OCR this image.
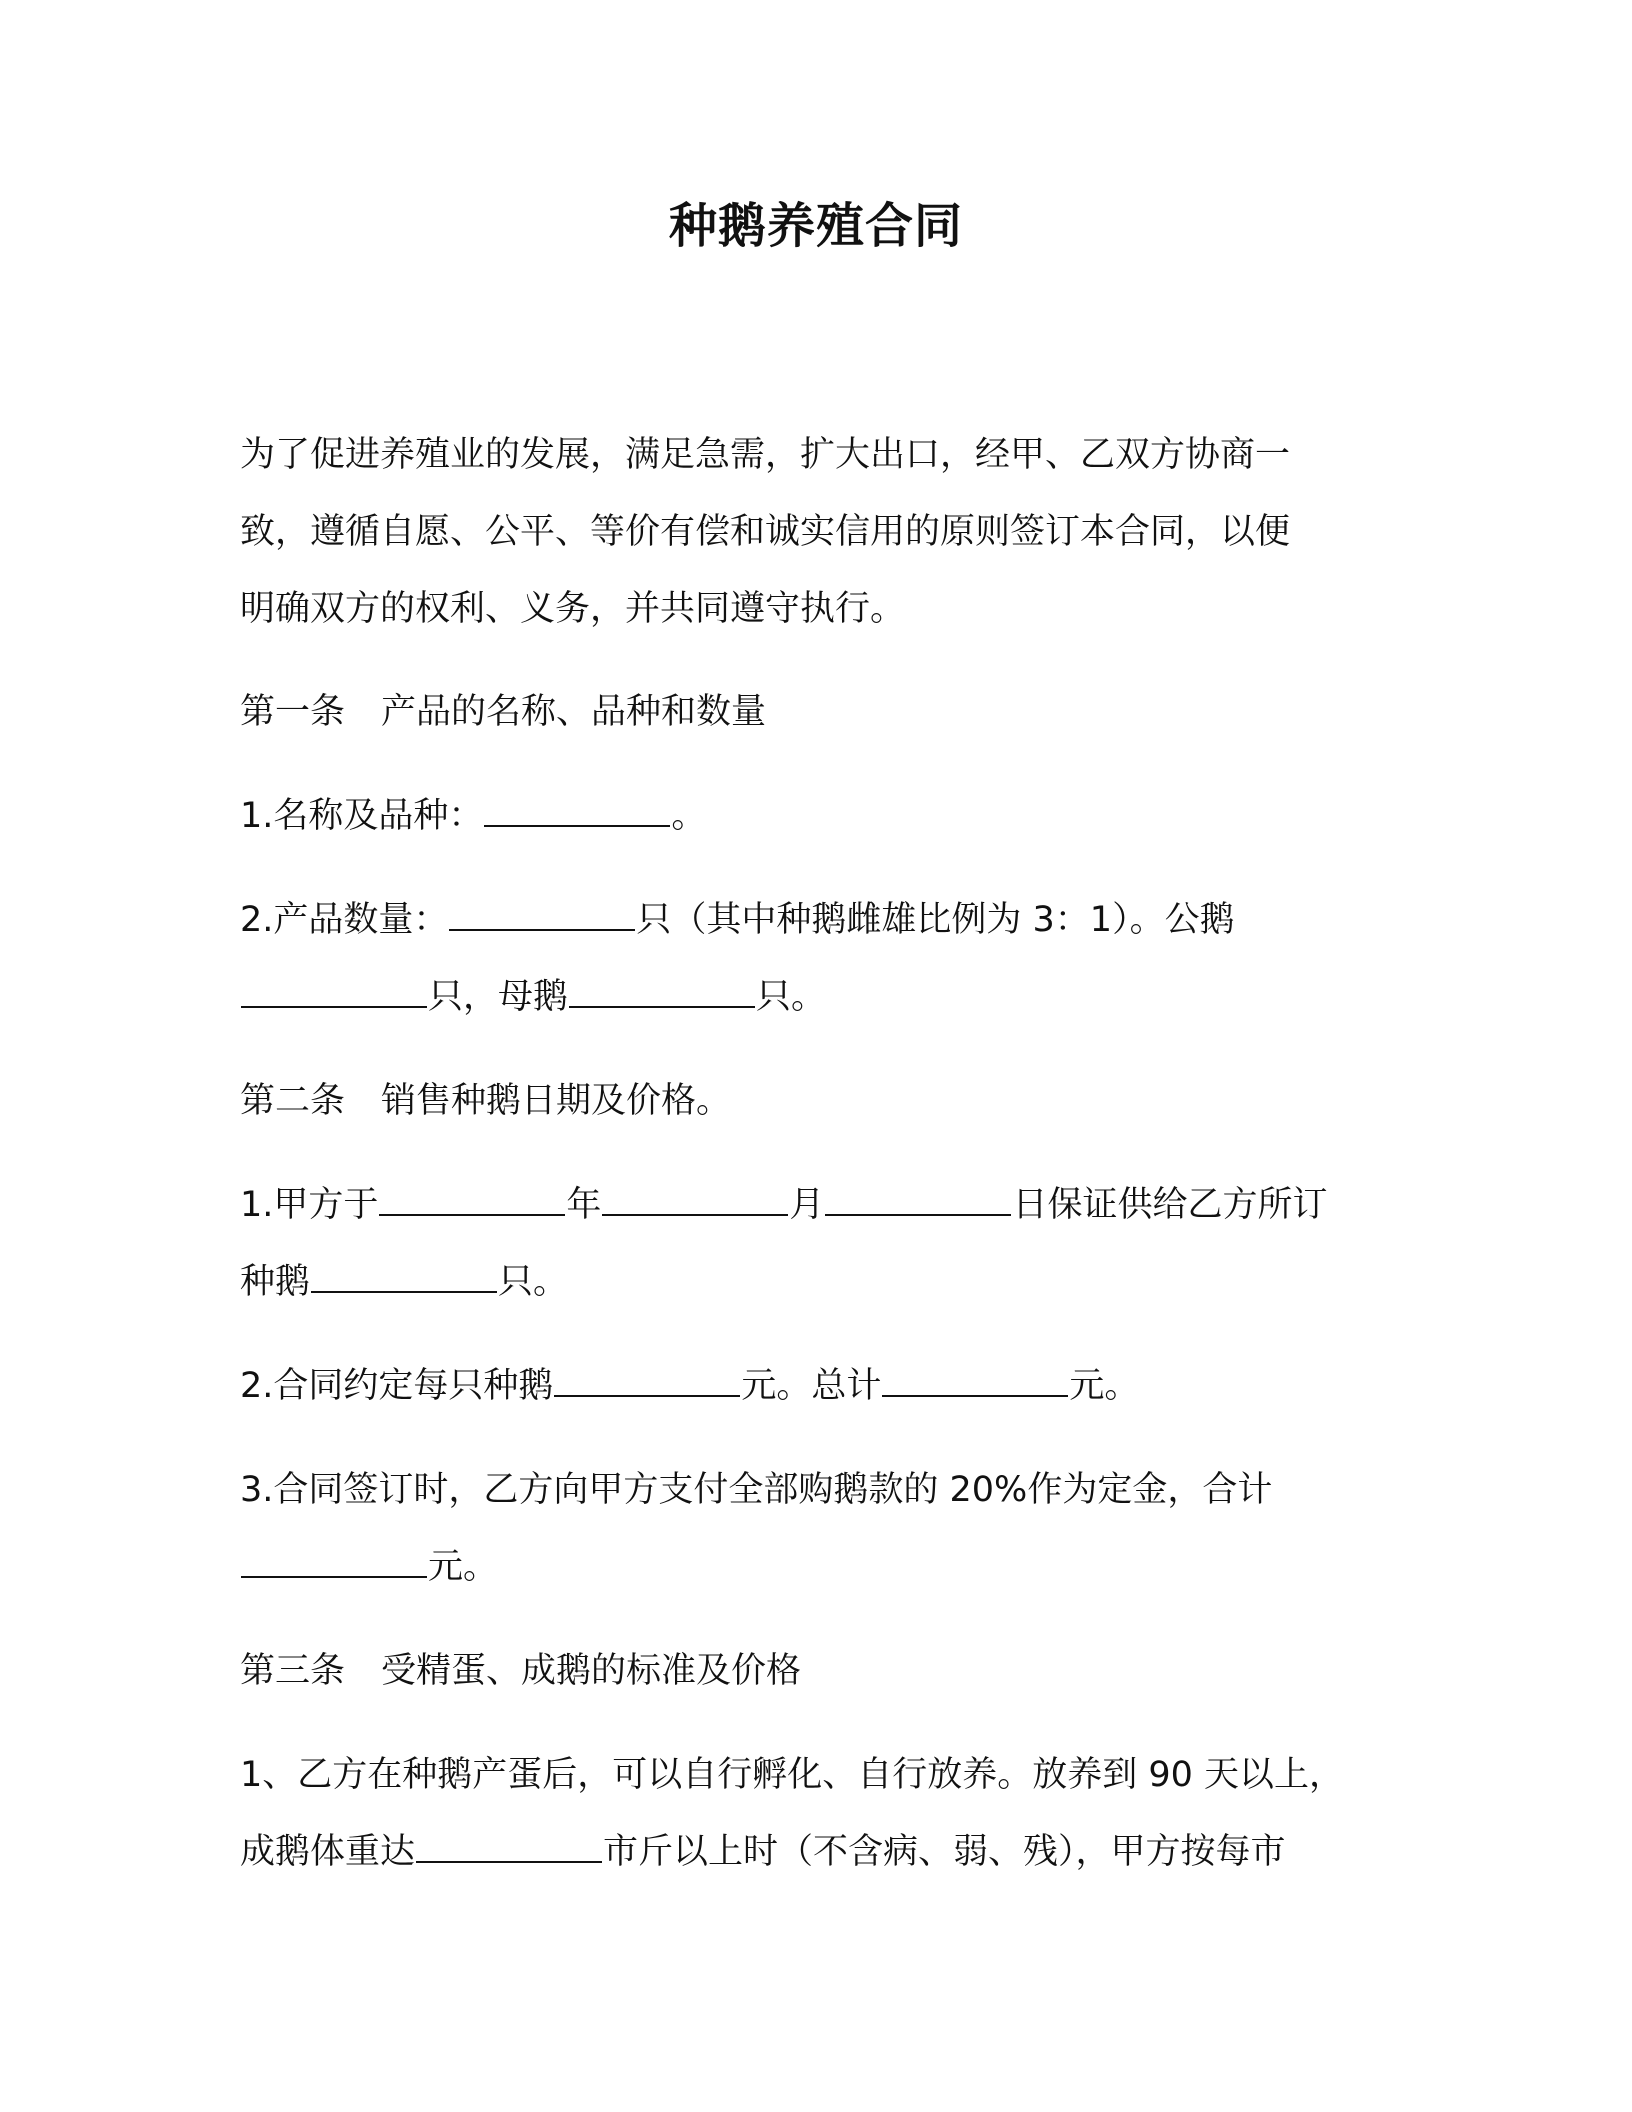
种鹅养殖合同
为了促进养殖业的发展，满足急需，扩大出口，经甲、乙双方协商一
致，遵循自愿、公平、等价有偿和诚实信用的原则签订本合同，以便
明确双方的权利、义务，并共同遵守执行。
第一条 产品的名称、品种和数量
1.名称及品种：	。
2.产品数量：	只（其中种鹅雌雄比例为 3：1）。公鹅
只，母鹅	只。
第二条 销售种鹅日期及价格。
1.甲方于	年	月	日保证供给乙方所订
种鹅	只。
2.合同约定每只种鹅	元。总计	元。
3.合同签订时，乙方向甲方支付全部购鹅款的 20%作为定金，合计
元。
第三条 受精蛋、成鹅的标准及价格
1、乙方在种鹅产蛋后，可以自行孵化、自行放养。放养到 90 天以上，
成鹅体重达	市斤以上时（不含病、弱、残），甲方按每市
